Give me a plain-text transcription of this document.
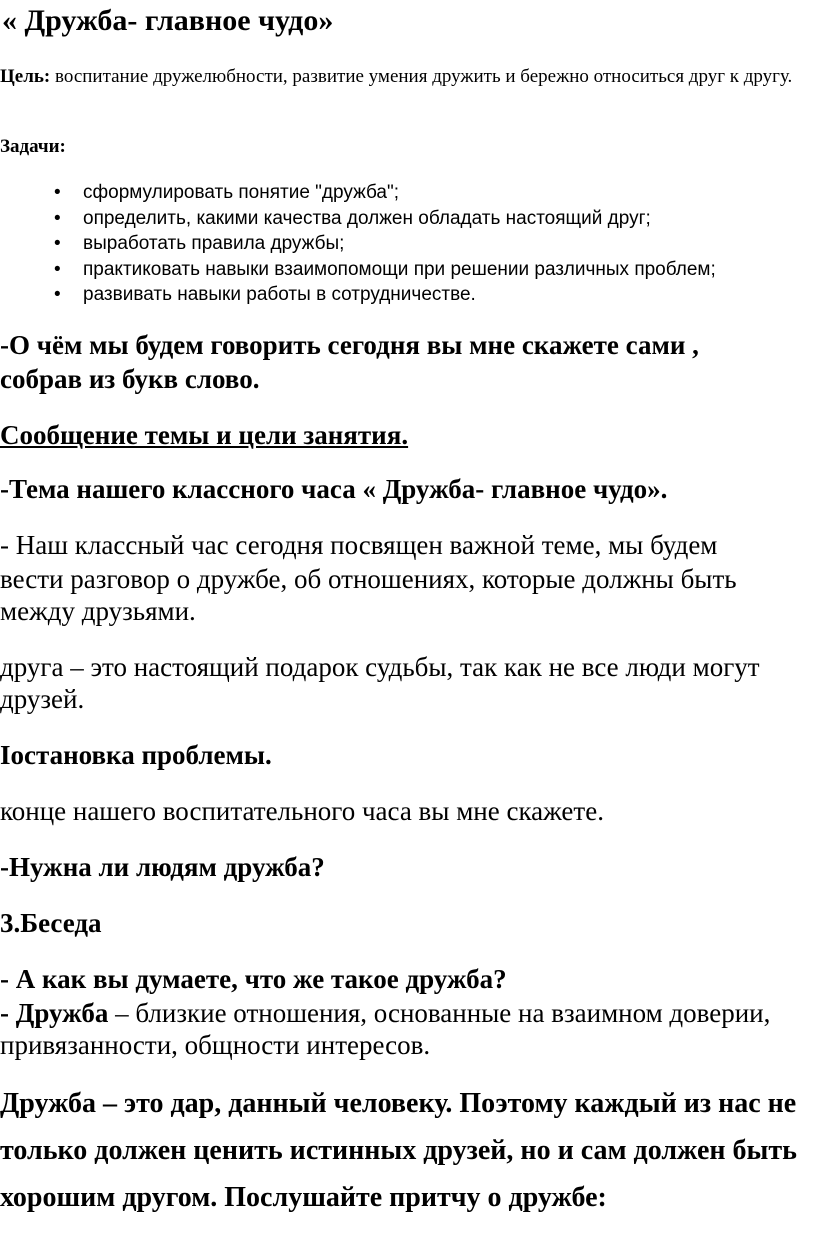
« Дружба- главное чудо»

Цель: воспитание дружелюбности, развитие умения дружить и бережно относиться друг к другу.

Задачи:

• сформулировать понятие "дружба";
• определить, какими качества должен обладать настоящий друг;
• выработать правила дружбы;
• практиковать навыки взаимопомощи при решении различных проблем;
• развивать навыки работы в сотрудничестве.

-О чём мы будем говорить сегодня вы мне скажете сами ,

собрав из букв слово.

Сообщение темы и цели занятия.

-Тема нашего классного часа « Дружба- главное чудо».

- Наш классный час сегодня посвящен важной теме, мы будем

вести разговор о дружбе, об отношениях, которые должны быть

между друзьями.

друга – это настоящий подарок судьбы, так как не все люди могут

друзей.

Іостановка проблемы.

конце нашего воспитательного часа вы мне скажете.

-Нужна ли людям дружба?

3.Беседа

- А как вы думаете, что же такое дружба?

- Дружба – близкие отношения, основанные на взаимном доверии,

привязанности, общности интересов.

Дружба – это дар, данный человеку. Поэтому каждый из нас не

только должен ценить истинных друзей, но и сам должен быть

хорошим другом. Послушайте притчу о дружбе:
